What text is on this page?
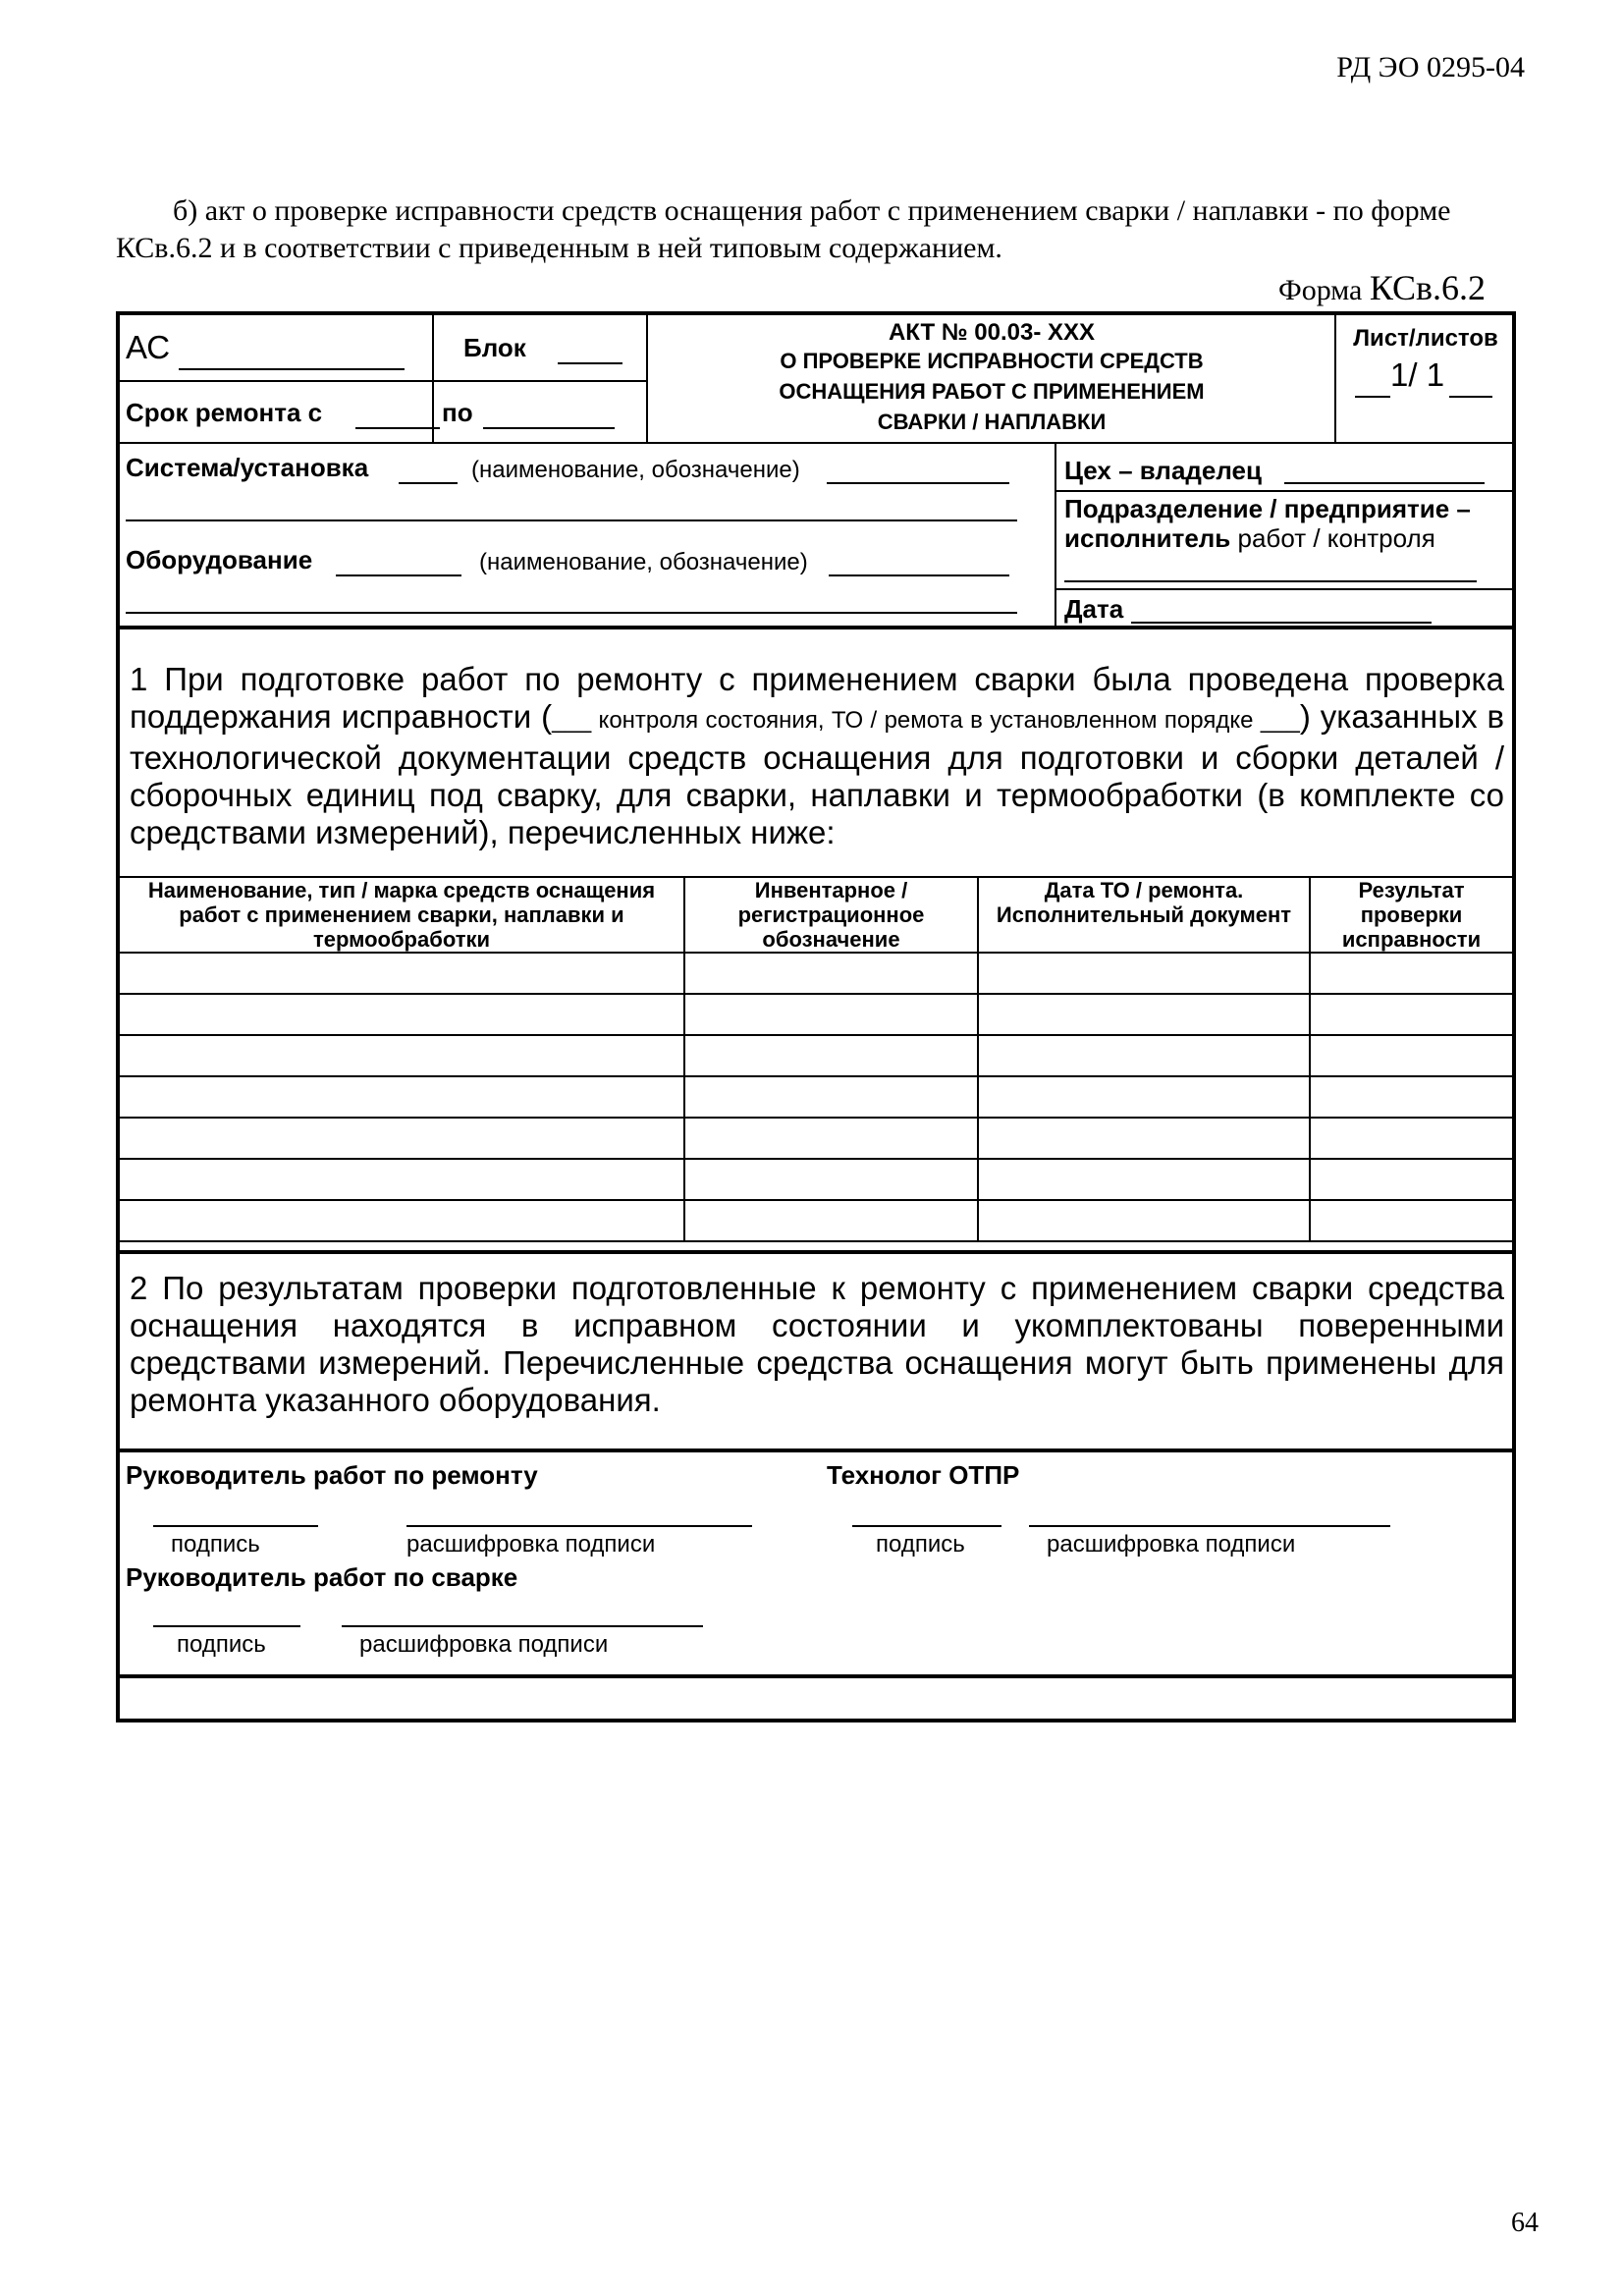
РД ЭО 0295-04
б) акт о проверке исправности средств оснащения работ с применением сварки / наплавки - по форме КСв.6.2 и в соответствии с приведенным в ней типовым содержанием.
Форма КСв.6.2
АС	Блок
Срок ремонта с	по
АКТ № 00.03- XXX
О ПРОВЕРКЕ ИСПРАВНОСТИ СРЕДСТВ
ОСНАЩЕНИЯ РАБОТ С ПРИМЕНЕНИЕМ
СВАРКИ / НАПЛАВКИ
Лист/листов
1/ 1
Система/установка	(наименование, обозначение)
Оборудование	(наименование, обозначение)
Цех – владелец
Подразделение / предприятие – исполнитель работ / контроля
Дата
1 При подготовке работ по ремонту с применением сварки была проведена проверка поддержания исправности (___ контроля состояния, ТО / ремота в установленном порядке ___) указанных в технологической документации средств оснащения для подготовки и сборки деталей / сборочных единиц под сварку, для сварки, наплавки и термообработки (в комплекте со средствами измерений), перечисленных ниже:
Наименование, тип / марка средств оснащения работ с применением сварки, наплавки и термообработки	Инвентарное / регистрационное обозначение	Дата ТО / ремонта. Исполнительный документ	Результат проверки исправности

2 По результатам проверки подготовленные к ремонту с применением сварки средства оснащения находятся в исправном состоянии и укомплектованы поверенными средствами измерений. Перечисленные средства оснащения могут быть применены для ремонта указанного оборудования.
Руководитель работ по ремонту	Технолог ОТПР
подпись	расшифровка подписи	подпись	расшифровка подписи
Руководитель работ по сварке
подпись	расшифровка подписи
64
